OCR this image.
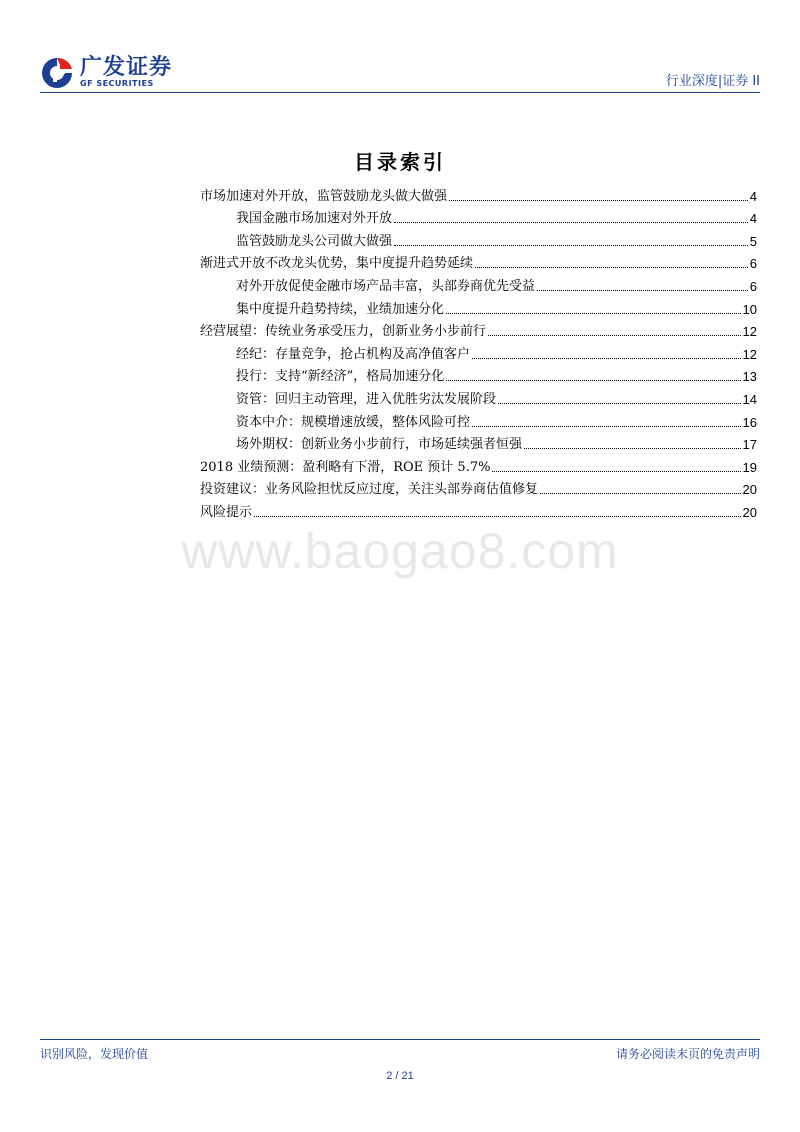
广发证券
GF SECURITIES	行业深度|证券 II
目录索引
市场加速对外开放，监管鼓励龙头做大做强	4
我国金融市场加速对外开放	4
监管鼓励龙头公司做大做强	5
渐进式开放不改龙头优势，集中度提升趋势延续	6
对外开放促使金融市场产品丰富，头部券商优先受益	6
集中度提升趋势持续，业绩加速分化	10
经营展望：传统业务承受压力，创新业务小步前行	12
经纪：存量竞争，抢占机构及高净值客户	12
投行：支持“新经济”，格局加速分化	13
资管：回归主动管理，进入优胜劣汰发展阶段	14
资本中介：规模增速放缓，整体风险可控	16
场外期权：创新业务小步前行，市场延续强者恒强	17
2018 业绩预测：盈利略有下滑，ROE 预计 5.7%	19
投资建议：业务风险担忧反应过度，关注头部券商估值修复	20
风险提示	20
www.baogao8.com
识别风险，发现价值	请务必阅读末页的免责声明
2 / 21
